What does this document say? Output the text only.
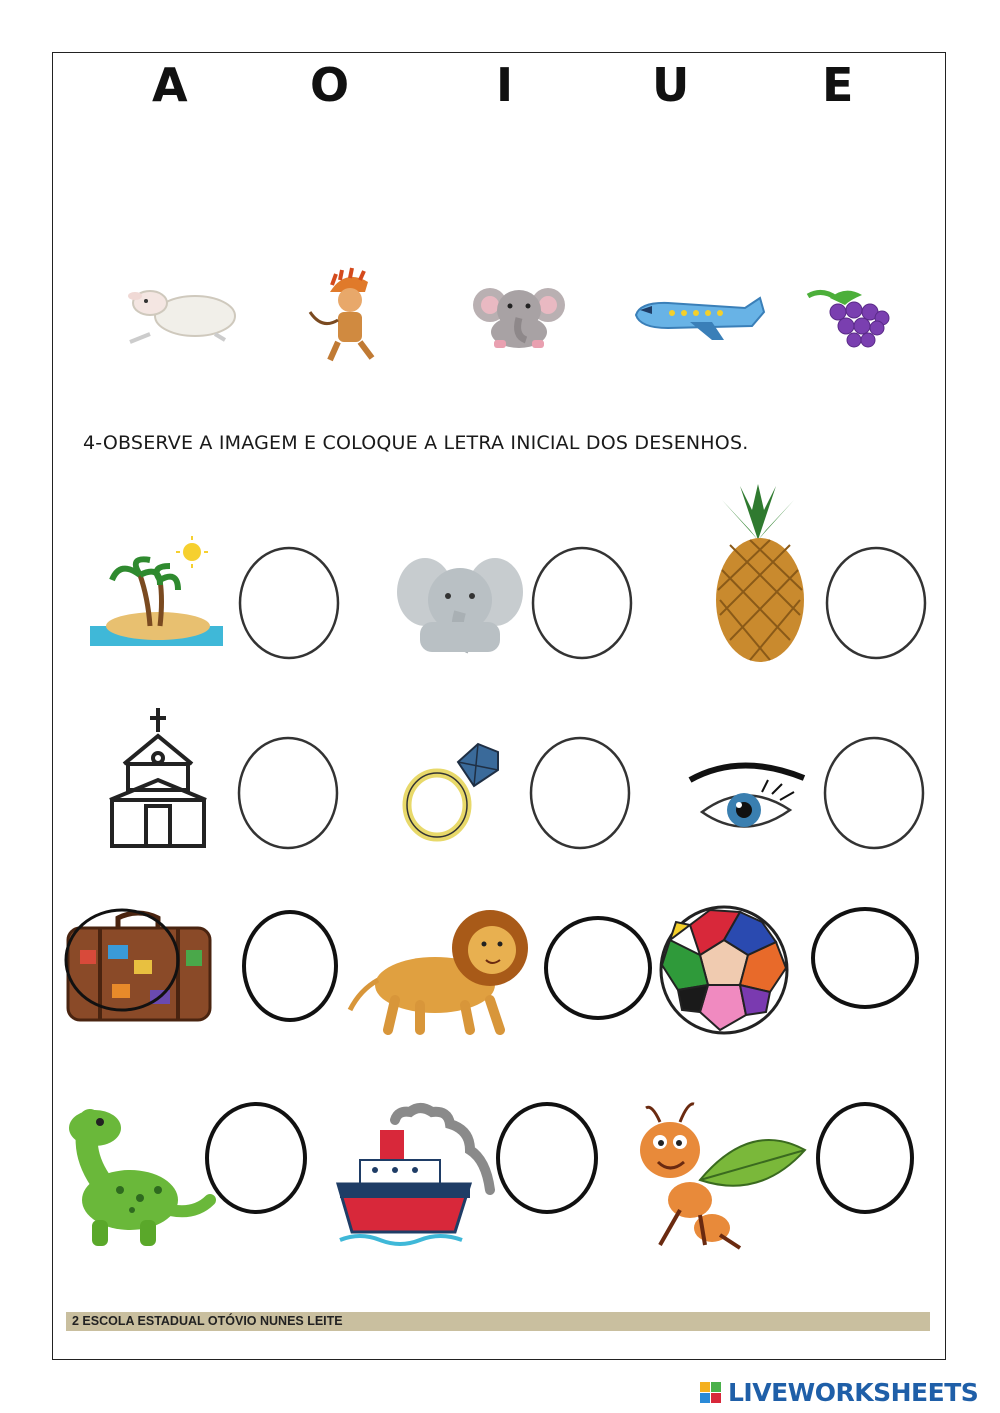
A	O	I	U	E
4-OBSERVE A IMAGEM E COLOQUE A LETRA INICIAL DOS DESENHOS.
2 ESCOLA ESTADUAL OTÓVIO NUNES LEITE
LIVEWORKSHEETS
